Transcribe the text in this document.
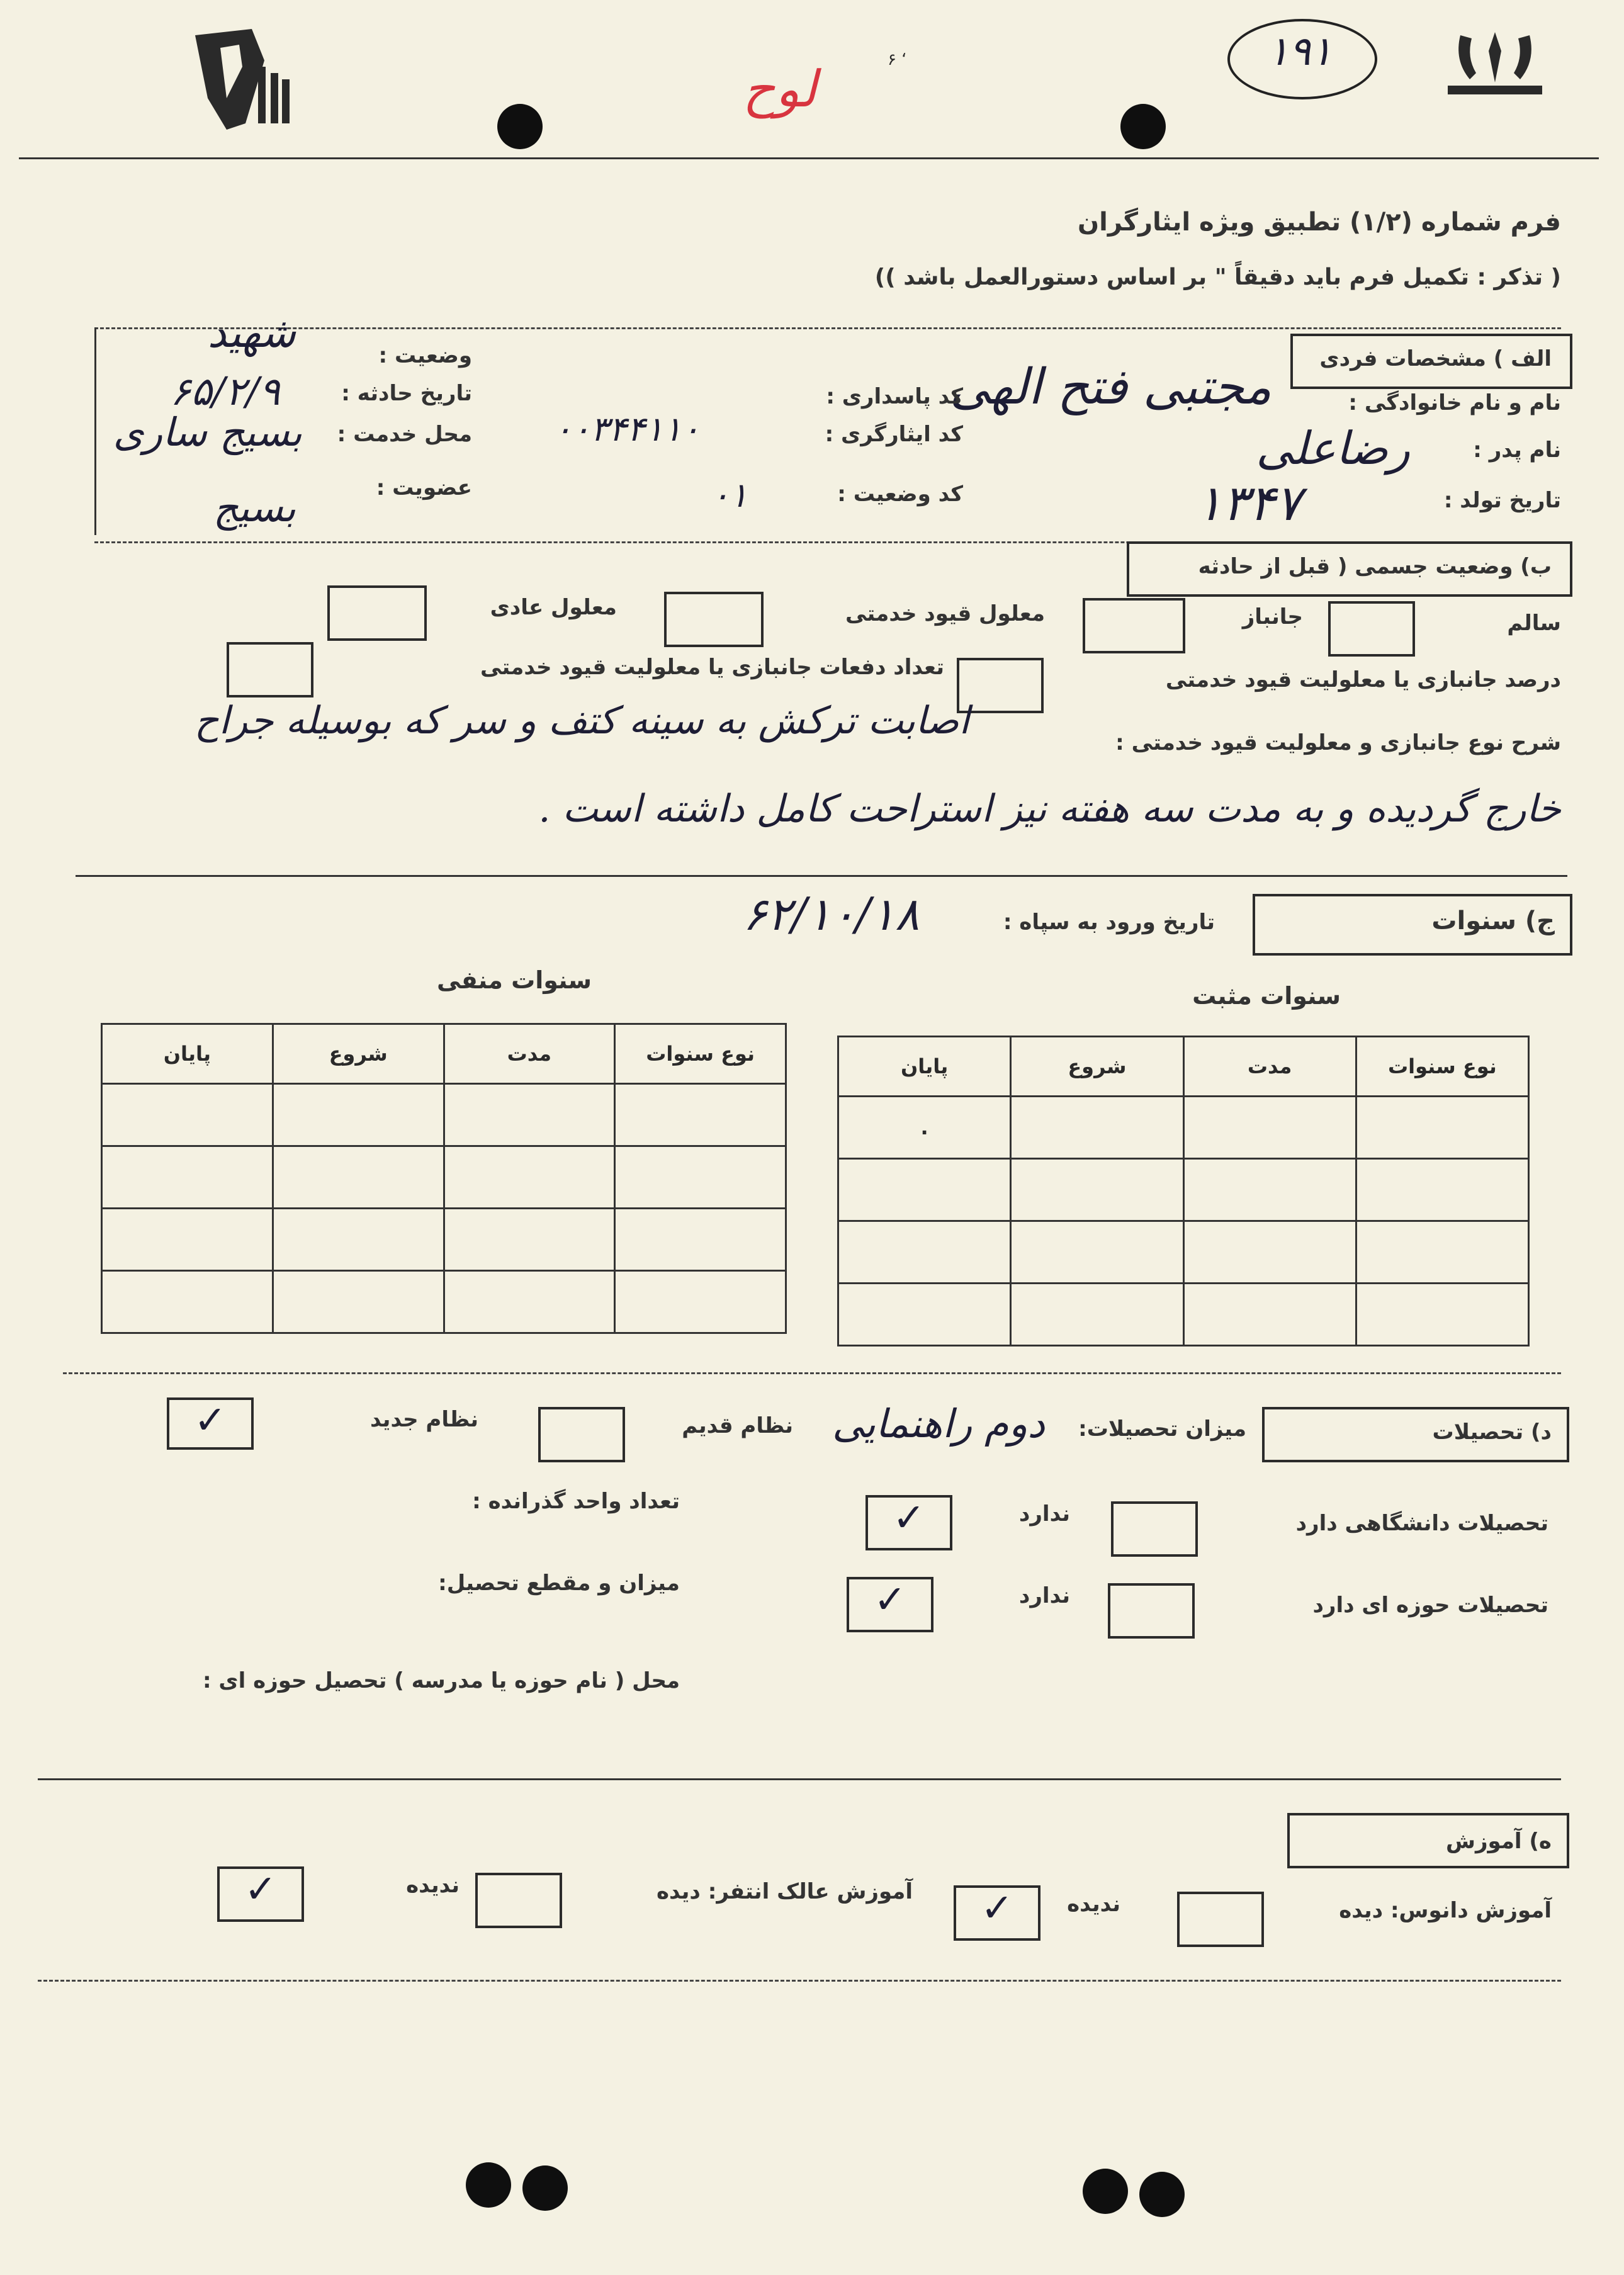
۱۹۱
لوح	۶ ‘
فرم شماره (۱/۲) تطبیق ویژه ایثارگران
( تذکر : تکمیل فرم باید دقیقاً " بر اساس دستورالعمل باشد ))
الف ) مشخصات فردی
نام و نام خانوادگی :
مجتبی فتح الهی
نام پدر :
رضاعلی
تاریخ تولد :
۱۳۴۷
کد پاسداری :
کد ایثارگری :
۰۰۳۴۴۱۱۰
کد وضعیت :
۰۱
وضعیت :
شهید
تاریخ حادثه :
۶۵/۲/۹
محل خدمت :
بسیج ساری
عضویت :
بسیج
ب) وضعیت جسمی ( قبل از حادثه
سالم
جانباز
معلول قیود خدمتی
معلول عادی
درصد جانبازی یا معلولیت قیود خدمتی
تعداد دفعات جانبازی یا معلولیت قیود خدمتی
شرح نوع جانبازی و معلولیت قیود خدمتی :
اصابت ترکش به سینه کتف و سر که بوسیله جراح
خارج گردیده و به مدت سه هفته نیز استراحت کامل داشته است .
ج) سنوات
تاریخ ورود به سپاه :
۶۲/۱۰/۱۸
سنوات مثبت
سنوات منفی
پایان	شروع	مدت	نوع سنوات
.			

پایان	شروع	مدت	نوع سنوات

د) تحصیلات
میزان تحصیلات:
دوم راهنمایی
نظام قدیم
نظام جدید
✓
تحصیلات دانشگاهی دارد
ندارد
✓
تعداد واحد گذرانده :
تحصیلات حوزه ای دارد
ندارد
✓
میزان و مقطع تحصیل:
محل ( نام حوزه یا مدرسه ) تحصیل حوزه ای :
ه) آموزش
آموزش دانوس: دیده
ندیده
✓
آموزش عالک انتفر: دیده
ندیده
✓
